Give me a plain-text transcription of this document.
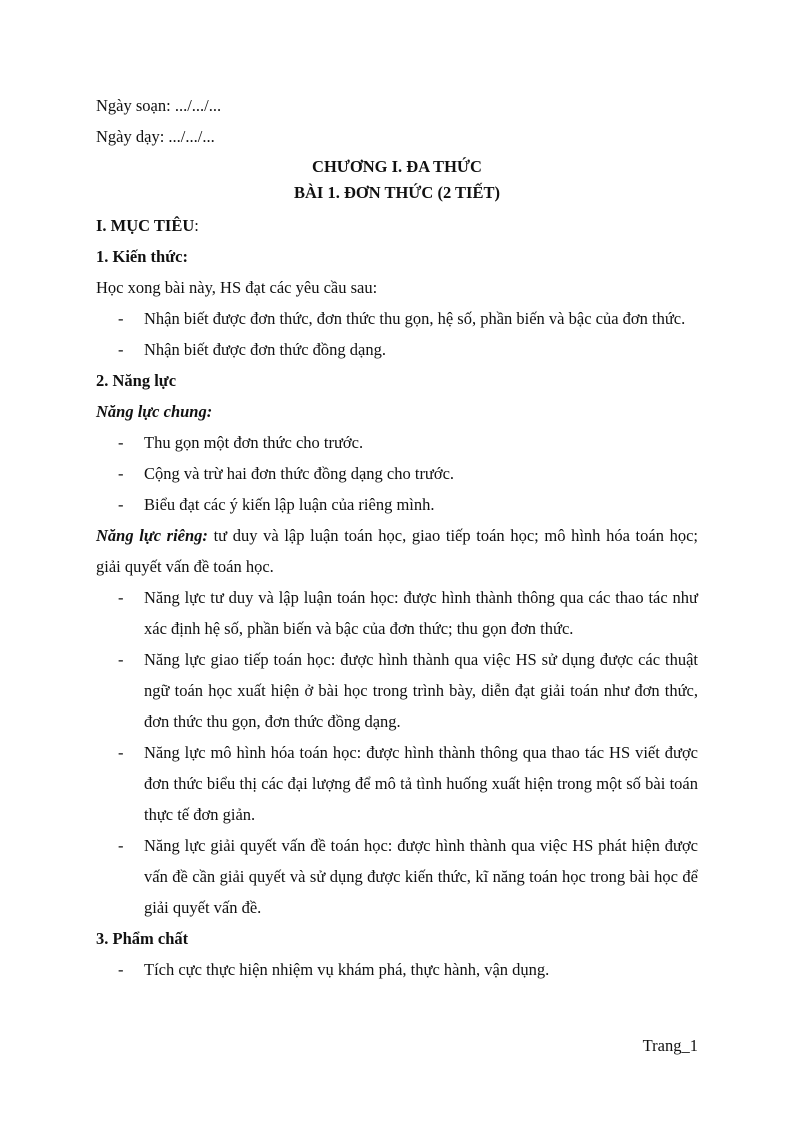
Ngày soạn: .../.../...

Ngày dạy: .../.../...

CHƯƠNG I. ĐA THỨC

BÀI 1. ĐƠN THỨC (2 TIẾT)

I. MỤC TIÊU:

1. Kiến thức:

Học xong bài này, HS đạt các yêu cầu sau:

- Nhận biết được đơn thức, đơn thức thu gọn, hệ số, phần biến và bậc của đơn thức.
- Nhận biết được đơn thức đồng dạng.

2. Năng lực

Năng lực chung:

- Thu gọn một đơn thức cho trước.
- Cộng và trừ hai đơn thức đồng dạng cho trước.
- Biểu đạt các ý kiến lập luận của riêng mình.

Năng lực riêng: tư duy và lập luận toán học, giao tiếp toán học; mô hình hóa toán học; giải quyết vấn đề toán học.

- Năng lực tư duy và lập luận toán học: được hình thành thông qua các thao tác như xác định hệ số, phần biến và bậc của đơn thức; thu gọn đơn thức.
- Năng lực giao tiếp toán học: được hình thành qua việc HS sử dụng được các thuật ngữ toán học xuất hiện ở bài học trong trình bày, diễn đạt giải toán như đơn thức, đơn thức thu gọn, đơn thức đồng dạng.
- Năng lực mô hình hóa toán học: được hình thành thông qua thao tác HS viết được đơn thức biểu thị các đại lượng để mô tả tình huống xuất hiện trong một số bài toán thực tế đơn giản.
- Năng lực giải quyết vấn đề toán học: được hình thành qua việc HS phát hiện được vấn đề cần giải quyết và sử dụng được kiến thức, kĩ năng toán học trong bài học để giải quyết vấn đề.

3. Phẩm chất

- Tích cực thực hiện nhiệm vụ khám phá, thực hành, vận dụng.
Trang_1
